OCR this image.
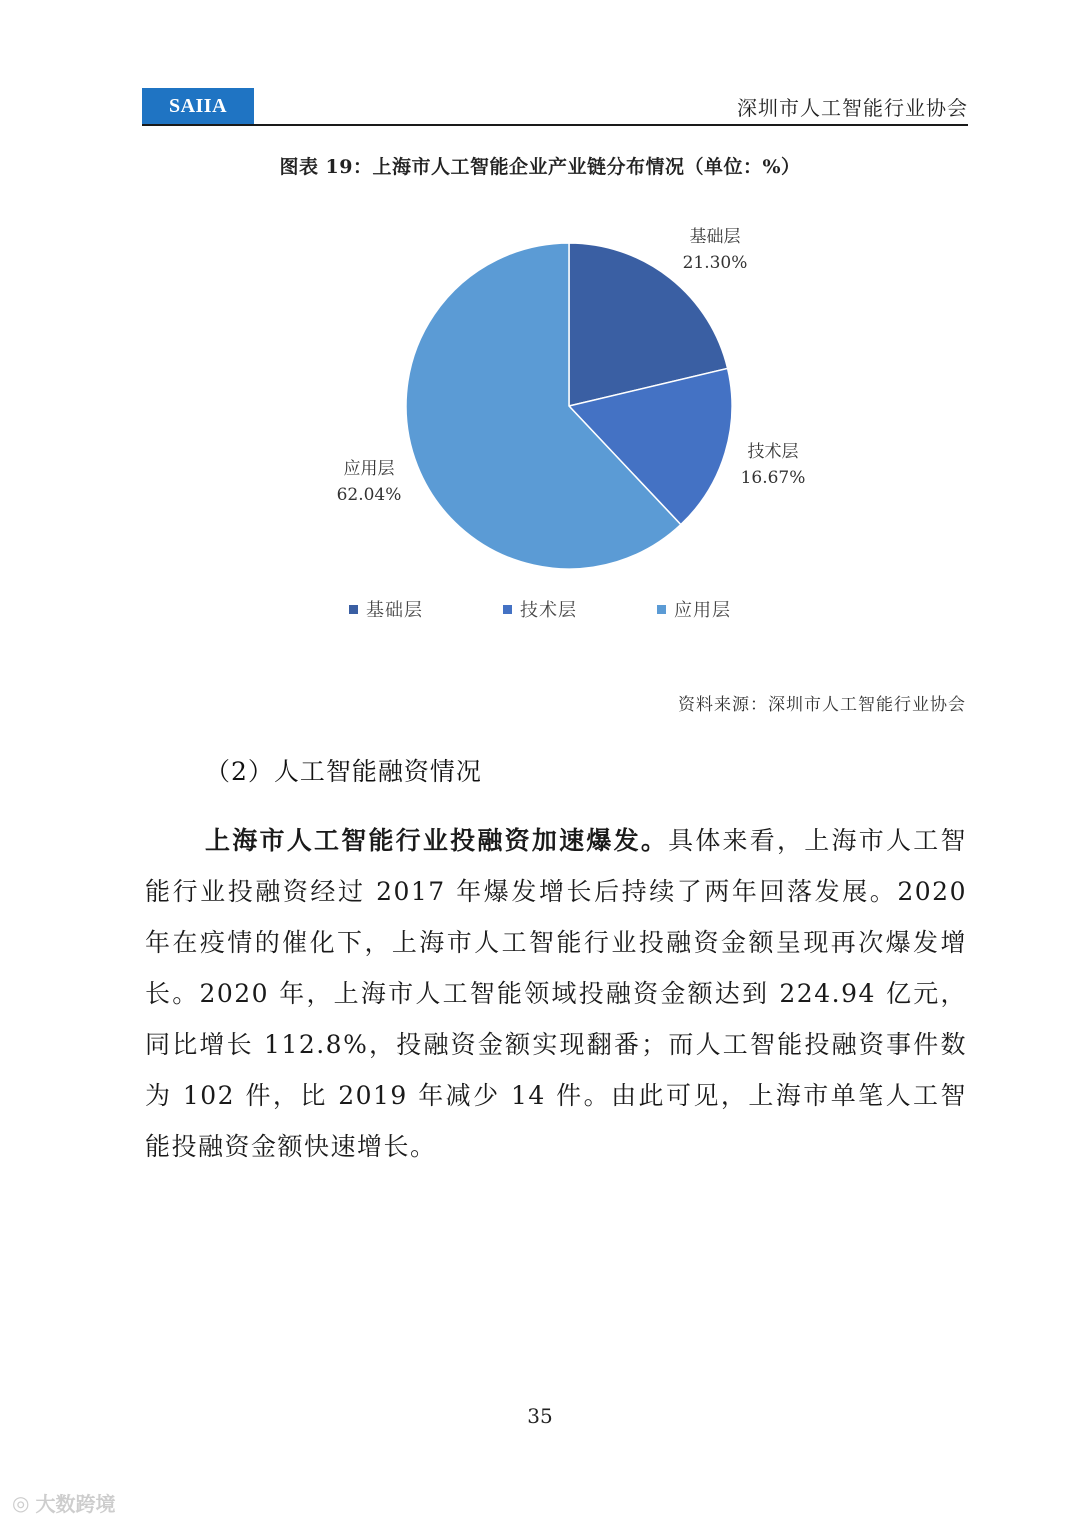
SAIIA	深圳市人工智能行业协会
图表 19：上海市人工智能企业产业链分布情况（单位：%）
基础层
21.30%
技术层
16.67%
应用层
62.04%
基础层	技术层	应用层
资料来源：深圳市人工智能行业协会
（2）人工智能融资情况

上海市人工智能行业投融资加速爆发。具体来看，上海市人工智能行业投融资经过 2017 年爆发增长后持续了两年回落发展。2020 年在疫情的催化下，上海市人工智能行业投融资金额呈现再次爆发增长。2020 年，上海市人工智能领域投融资金额达到 224.94 亿元，同比增长 112.8%，投融资金额实现翻番；而人工智能投融资事件数为 102 件，比 2019 年减少 14 件。由此可见，上海市单笔人工智能投融资金额快速增长。

35
◎ 大数跨境
